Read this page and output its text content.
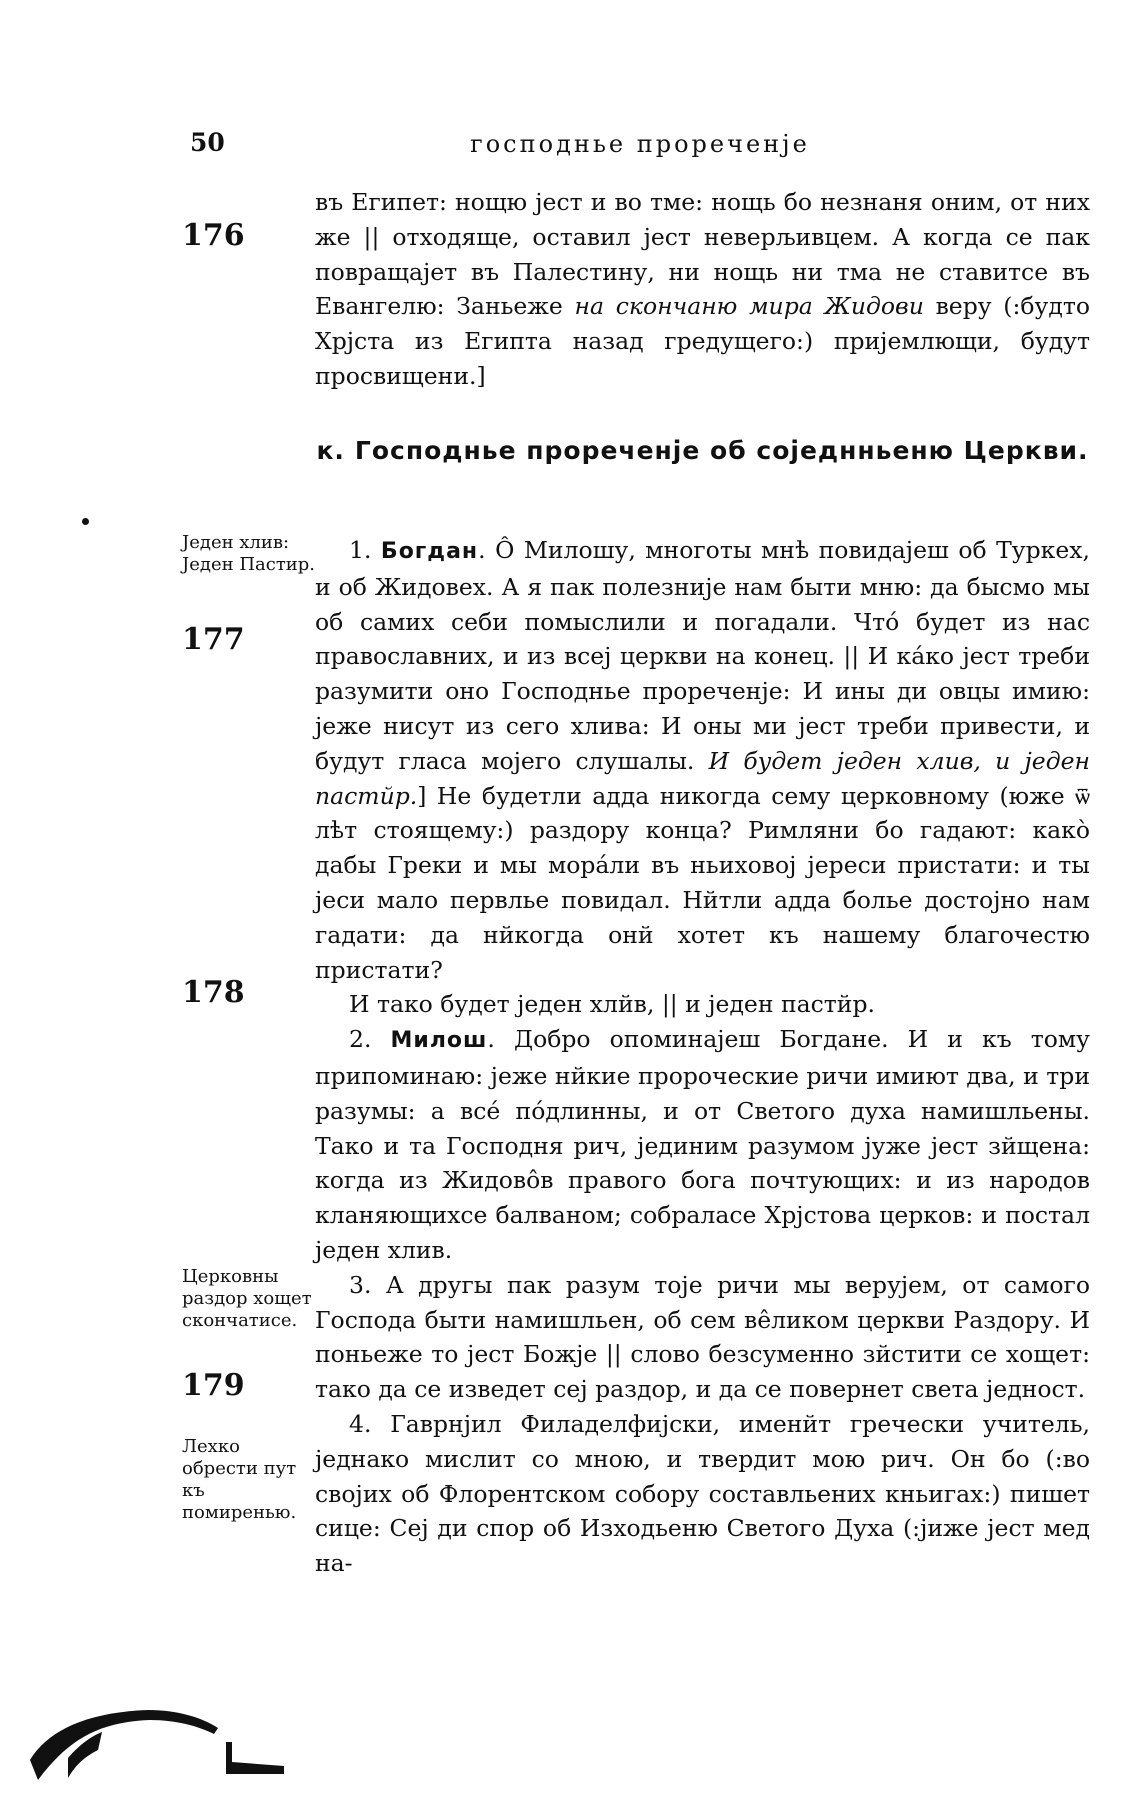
50	господнье прореченје
176

въ Египет: нощю јест и во тме: нощь бо незнаня оним, от них же || отходяще, оставил јест неверљивцем. А когда се пак повращајет въ Палестину, ни нощь ни тма не ставитсе въ Евангелю: Заньеже на скончаню мира Жидови веру (:будто Хрјста из Египта назад гредущего:) пријемлющи, будут просвищени.]

к. Господнье прореченје об соједнньеню Церкви.
Једен хлив: Једен Пастир.
177
178
Церковны раздор хощет скончатисе.
179
Лехко обрести пут къ помиренью.

1. Богдан. Ô Милошу, многоты мнѣ повидајеш об Туркех, и об Жидовех. А я пак полезније нам быти мню: да бысмо мы об самих себи помыслили и погадали. Чтó будет из нас православних, и из всеј церкви на конец. || И кáко јест треби разумити оно Господнье прореченје: И ины ди овцы имию: јеже нисут из сего хлива: И оны ми јест треби привести, и будут гласа моjего слушалы. И будет једен хлив, и једен пастйр.] Не будетли адда никогда сему церковному (юже ѿ лѣт стоящему:) раздору конца? Римляни бо гадают: какò дабы Греки и мы морáли въ ньиховој јереси пристати: и ты јеси мало первлье повидал. Нйтли адда болье достојно нам гадати: да нйкогда онй хотет къ нашему благочестю пристати?

И тако будет једен хлйв, || и једен пастйр.

2. Милош. Добро опоминајеш Богдане. И и къ тому припоминаю: јеже нйкие пророческие ричи имиют два, и три разумы: а всé пóдлинны, и от Светого духа намишльены. Тако и та Господня рич, јединим разумом јуже јест зйщена: когда из Жидовôв правого бога почтующих: и из народов кланяющихсе балваном; собраласе Хрјстова церков: и постал једен хлив.

3. А другы пак разум тоје ричи мы верујем, от самого Господа быти намишльен, об сем вêликом церкви Раздору. И поньеже то јест Божје || слово безсуменно зйстити се хощет: тако да се изведет сеј раздор, и да се повернет света једност.

4. Гаврнјил Филаделфијски, именйт гречески учитель, једнако мислит со мною, и твердит мою рич. Он бо (:во својих об Флорентском собору составльених кньигах:) пишет сице: Сеј ди спор об Изходьеню Светого Духа (:јиже јест мед на-
